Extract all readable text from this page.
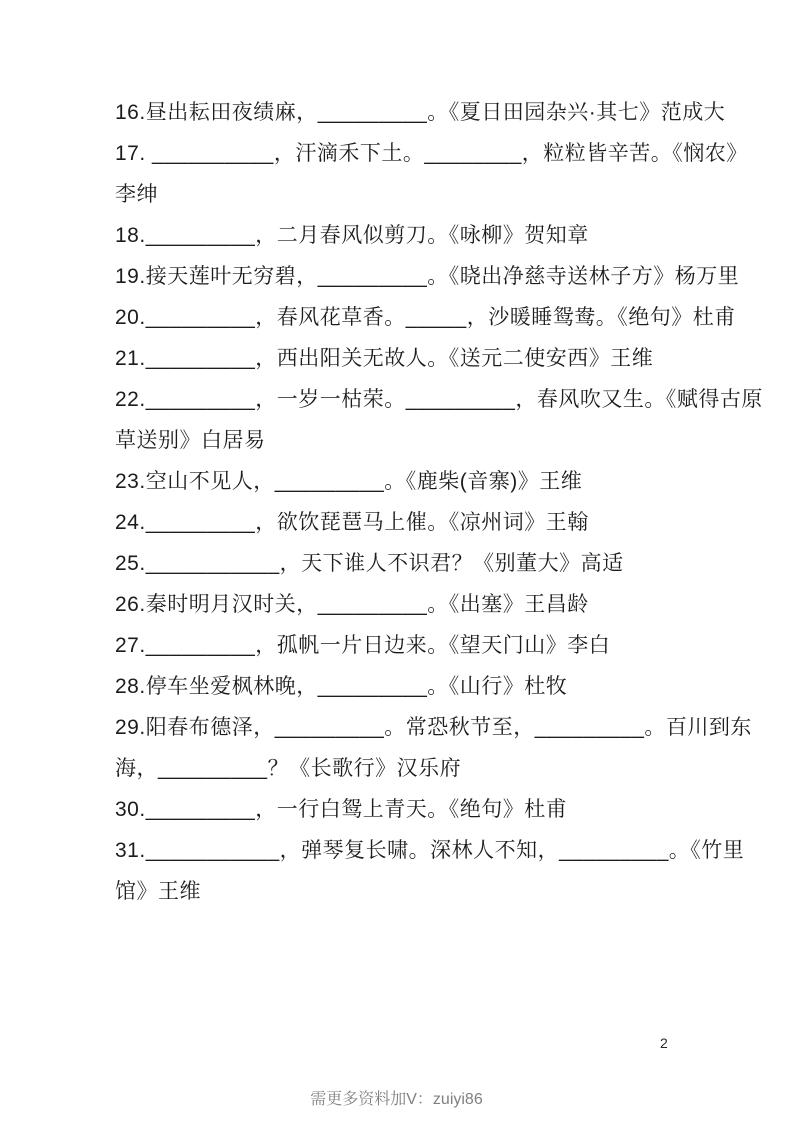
16.昼出耘田夜绩麻，_________。《夏日田园杂兴·其七》范成大

17. __________，汗滴禾下土。________，粒粒皆辛苦。《悯农》

李绅

18._________，二月春风似剪刀。《咏柳》贺知章

19.接天莲叶无穷碧，_________。《晓出净慈寺送林子方》杨万里

20._________，春风花草香。_____，沙暖睡鸳鸯。《绝句》杜甫

21._________，西出阳关无故人。《送元二使安西》王维

22._________，一岁一枯荣。_________，春风吹又生。《赋得古原

草送别》白居易

23.空山不见人，_________。《鹿柴(音寨)》王维

24._________，欲饮琵琶马上催。《凉州词》王翰

25.___________，天下谁人不识君？《别董大》高适

26.秦时明月汉时关，_________。《出塞》王昌龄

27._________，孤帆一片日边来。《望天门山》李白

28.停车坐爱枫林晚，_________。《山行》杜牧

29.阳春布德泽，_________。常恐秋节至，_________。百川到东

海，_________？《长歌行》汉乐府

30._________，一行白鸳上青天。《绝句》杜甫

31.___________，弹琴复长啸。深林人不知，_________。《竹里

馆》王维

2
需更多资料加V：zuiyi86
